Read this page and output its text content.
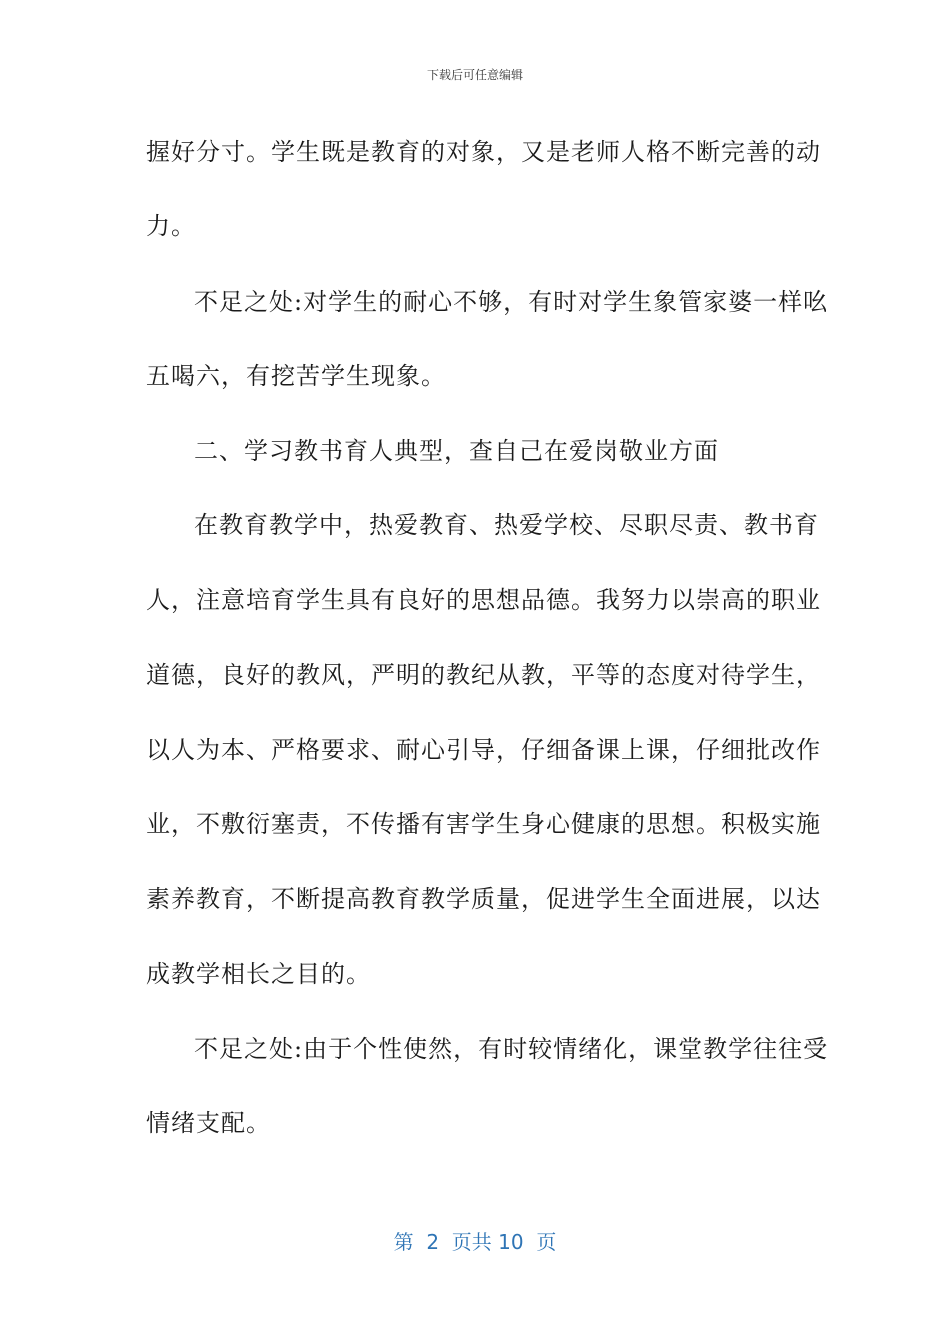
下载后可任意编辑
握好分寸。学生既是教育的对象，又是老师人格不断完善的动
力。
不足之处:对学生的耐心不够，有时对学生象管家婆一样吆
五喝六，有挖苦学生现象。
二、学习教书育人典型，查自己在爱岗敬业方面
在教育教学中，热爱教育、热爱学校、尽职尽责、教书育
人，注意培育学生具有良好的思想品德。我努力以崇高的职业
道德，良好的教风，严明的教纪从教，平等的态度对待学生，
以人为本、严格要求、耐心引导，仔细备课上课，仔细批改作
业，不敷衍塞责，不传播有害学生身心健康的思想。积极实施
素养教育，不断提高教育教学质量，促进学生全面进展，以达
成教学相长之目的。
不足之处:由于个性使然，有时较情绪化，课堂教学往往受
情绪支配。
第  2  页共 10  页
